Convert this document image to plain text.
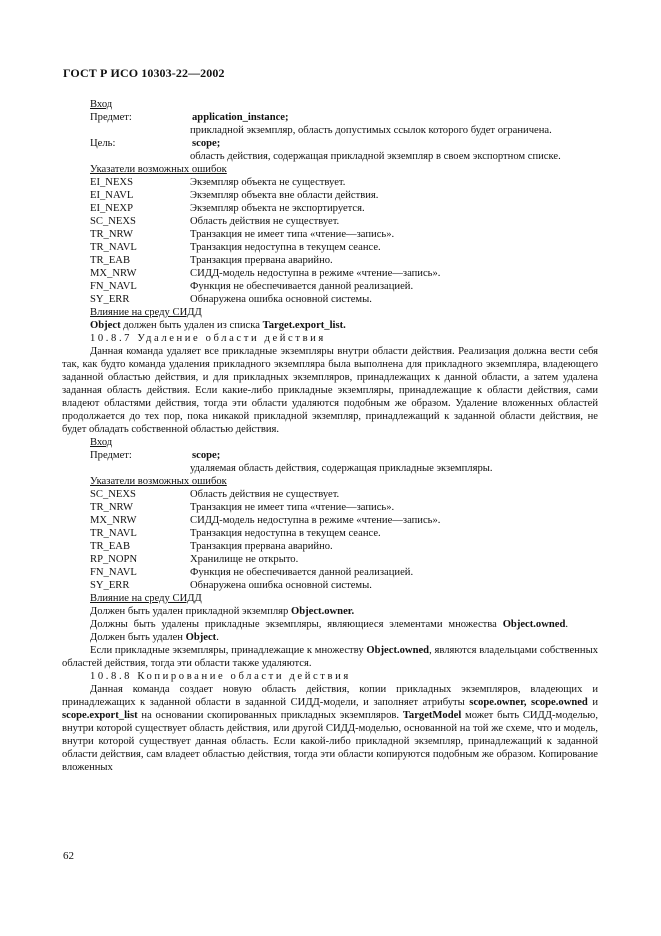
ГОСТ Р ИСО 10303-22—2002
Вход
Предмет:	application_instance;
прикладной экземпляр, область допустимых ссылок которого будет ограничена.
Цель:	scope;
область действия, содержащая прикладной экземпляр в своем экспортном списке.
Указатели возможных ошибок
EI_NEXS	Экземпляр объекта не существует.
EI_NAVL	Экземпляр объекта вне области действия.
EI_NEXP	Экземпляр объекта не экспортируется.
SC_NEXS	Область действия не существует.
TR_NRW	Транзакция не имеет типа «чтение—запись».
TR_NAVL	Транзакция недоступна в текущем сеансе.
TR_EAB	Транзакция прервана аварийно.
MX_NRW	СИДД-модель недоступна в режиме «чтение—запись».
FN_NAVL	Функция не обеспечивается данной реализацией.
SY_ERR	Обнаружена ошибка основной системы.
Влияние на среду СИДД
Object должен быть удален из списка Target.export_list.
10.8.7 Удаление области действия
Данная команда удаляет все прикладные экземпляры внутри области действия. Реализация должна вести себя так, как будто команда удаления прикладного экземпляра была выполнена для прикладного экземпляра, владеющего заданной областью действия, и для прикладных экземпляров, принадлежащих к данной области, а затем удалена заданная область действия. Если какие-либо прикладные экземпляры, принадлежащие к области действия, сами владеют областями действия, тогда эти области удаляются подобным же образом. Удаление вложенных областей продолжается до тех пор, пока никакой прикладной экземпляр, принадлежащий к заданной области действия, не будет обладать собственной областью действия.
Вход
Предмет:	scope;
удаляемая область действия, содержащая прикладные экземпляры.
Указатели возможных ошибок
SC_NEXS	Область действия не существует.
TR_NRW	Транзакция не имеет типа «чтение—запись».
MX_NRW	СИДД-модель недоступна в режиме «чтение—запись».
TR_NAVL	Транзакция недоступна в текущем сеансе.
TR_EAB	Транзакция прервана аварийно.
RP_NOPN	Хранилище не открыто.
FN_NAVL	Функция не обеспечивается данной реализацией.
SY_ERR	Обнаружена ошибка основной системы.
Влияние на среду СИДД
Должен быть удален прикладной экземпляр Object.owner.
Должны быть удалены прикладные экземпляры, являющиеся элементами множества Object.owned.
Должен быть удален Object.
Если прикладные экземпляры, принадлежащие к множеству Object.owned, являются владельцами собственных областей действия, тогда эти области также удаляются.
10.8.8 Копирование области действия
Данная команда создает новую область действия, копии прикладных экземпляров, владеющих и принадлежащих к заданной области в заданной СИДД-модели, и заполняет атрибуты scope.owner, scope.owned и scope.export_list на основании скопированных прикладных экземпляров. TargetModel может быть СИДД-моделью, внутри которой существует область действия, или другой СИДД-моделью, основанной на той же схеме, что и модель, внутри которой существует данная область. Если какой-либо прикладной экземпляр, принадлежащий к заданной области действия, сам владеет областью действия, тогда эти области копируются подобным же образом. Копирование вложенных
62
